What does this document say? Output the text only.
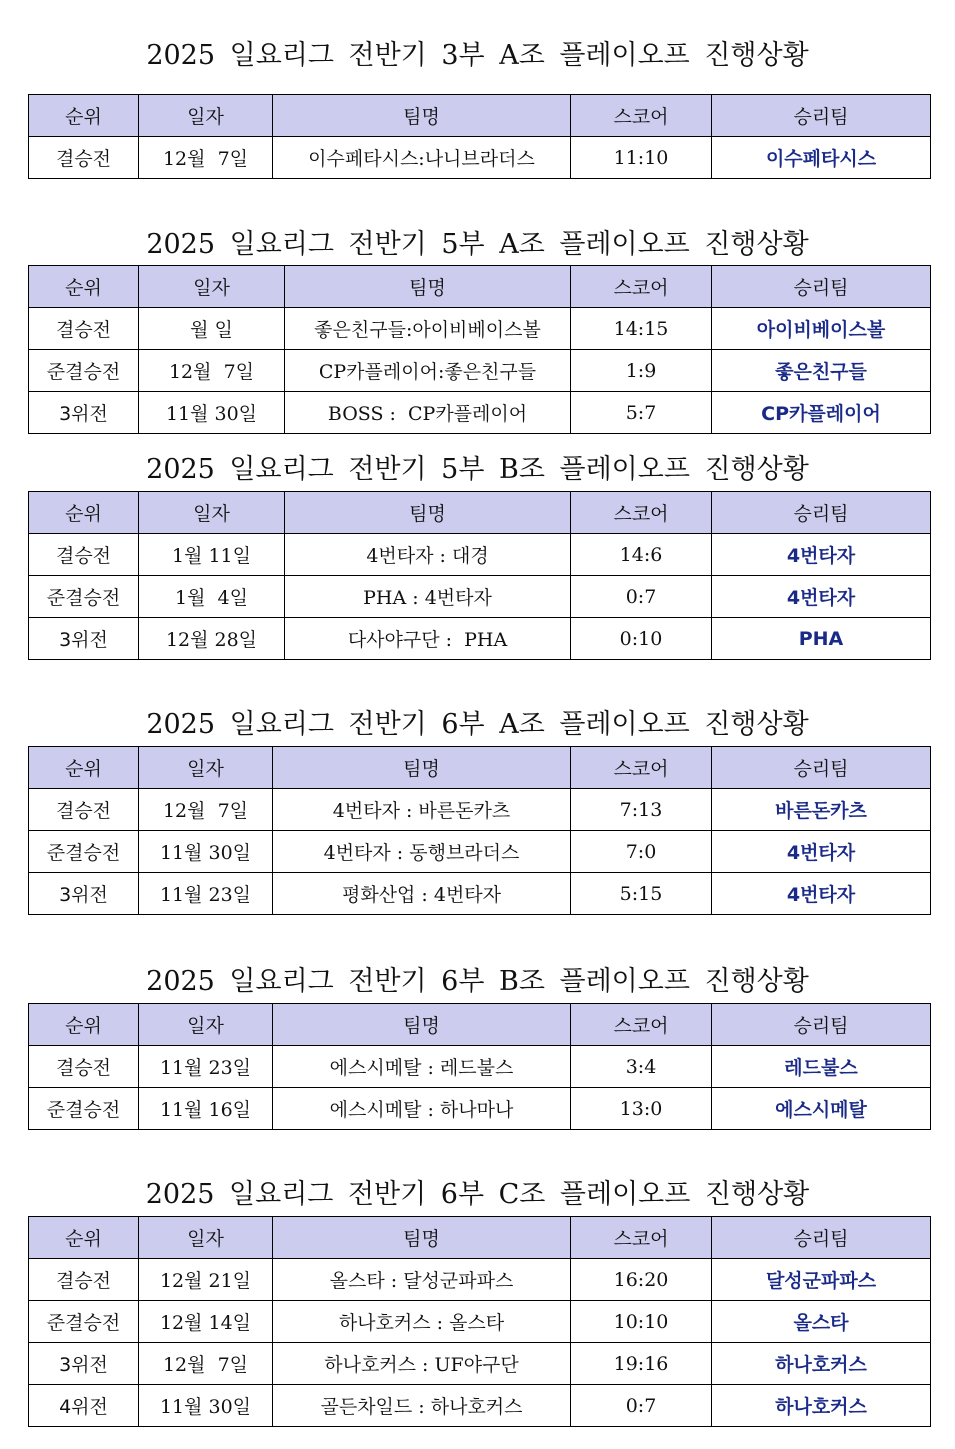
2025 일요리그 전반기 3부 A조 플레이오프 진행상황
순위	일자	팀명	스코어	승리팀
결승전	12월  7일	이수페타시스:나니브라더스	11:10	이수페타시스
2025 일요리그 전반기 5부 A조 플레이오프 진행상황
순위	일자	팀명	스코어	승리팀
결승전	월 일	좋은친구들:아이비베이스볼	14:15	아이비베이스볼
준결승전	12월  7일	CP카플레이어:좋은친구들	1:9	좋은친구들
3위전	11월 30일	BOSS :  CP카플레이어	5:7	CP카플레이어
2025 일요리그 전반기 5부 B조 플레이오프 진행상황
순위	일자	팀명	스코어	승리팀
결승전	1월 11일	4번타자 : 대경	14:6	4번타자
준결승전	1월  4일	PHA : 4번타자	0:7	4번타자
3위전	12월 28일	다사야구단 :  PHA	0:10	PHA
2025 일요리그 전반기 6부 A조 플레이오프 진행상황
순위	일자	팀명	스코어	승리팀
결승전	12월  7일	4번타자 : 바른돈카츠	7:13	바른돈카츠
준결승전	11월 30일	4번타자 : 동행브라더스	7:0	4번타자
3위전	11월 23일	평화산업 : 4번타자	5:15	4번타자
2025 일요리그 전반기 6부 B조 플레이오프 진행상황
순위	일자	팀명	스코어	승리팀
결승전	11월 23일	에스시메탈 : 레드불스	3:4	레드불스
준결승전	11월 16일	에스시메탈 : 하나마나	13:0	에스시메탈
2025 일요리그 전반기 6부 C조 플레이오프 진행상황
순위	일자	팀명	스코어	승리팀
결승전	12월 21일	올스타 : 달성군파파스	16:20	달성군파파스
준결승전	12월 14일	하나호커스 : 올스타	10:10	올스타
3위전	12월  7일	하나호커스 : UF야구단	19:16	하나호커스
4위전	11월 30일	골든차일드 : 하나호커스	0:7	하나호커스
